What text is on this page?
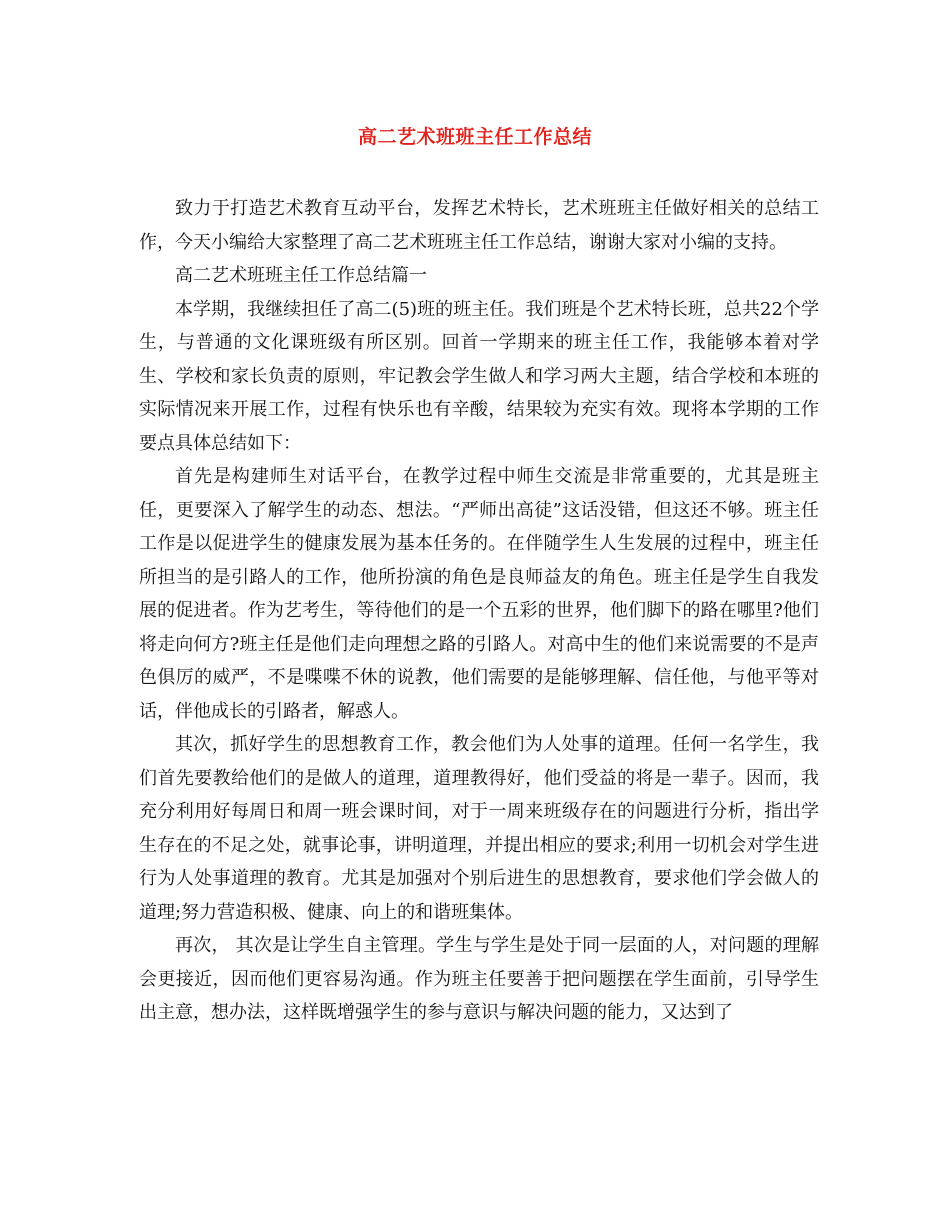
高二艺术班班主任工作总结

致力于打造艺术教育互动平台，发挥艺术特长，艺术班班主任做好相关的总结工作，今天小编给大家整理了高二艺术班班主任工作总结，谢谢大家对小编的支持。

高二艺术班班主任工作总结篇一

本学期，我继续担任了高二(5)班的班主任。我们班是个艺术特长班，总共22个学生，与普通的文化课班级有所区别。回首一学期来的班主任工作，我能够本着对学生、学校和家长负责的原则，牢记教会学生做人和学习两大主题，结合学校和本班的实际情况来开展工作，过程有快乐也有辛酸，结果较为充实有效。现将本学期的工作要点具体总结如下：

首先是构建师生对话平台，在教学过程中师生交流是非常重要的，尤其是班主任，更要深入了解学生的动态、想法。“严师出高徒”这话没错，但这还不够。班主任工作是以促进学生的健康发展为基本任务的。在伴随学生人生发展的过程中，班主任所担当的是引路人的工作，他所扮演的角色是良师益友的角色。班主任是学生自我发展的促进者。作为艺考生，等待他们的是一个五彩的世界，他们脚下的路在哪里?他们将走向何方?班主任是他们走向理想之路的引路人。对高中生的他们来说需要的不是声色俱厉的威严，不是喋喋不休的说教，他们需要的是能够理解、信任他，与他平等对话，伴他成长的引路者，解惑人。

其次，抓好学生的思想教育工作，教会他们为人处事的道理。任何一名学生，我们首先要教给他们的是做人的道理，道理教得好，他们受益的将是一辈子。因而，我充分利用好每周日和周一班会课时间，对于一周来班级存在的问题进行分析，指出学生存在的不足之处，就事论事，讲明道理，并提出相应的要求;利用一切机会对学生进行为人处事道理的教育。尤其是加强对个别后进生的思想教育，要求他们学会做人的道理;努力营造积极、健康、向上的和谐班集体。

再次， 其次是让学生自主管理。学生与学生是处于同一层面的人，对问题的理解会更接近，因而他们更容易沟通。作为班主任要善于把问题摆在学生面前，引导学生出主意，想办法，这样既增强学生的参与意识与解决问题的能力，又达到了
